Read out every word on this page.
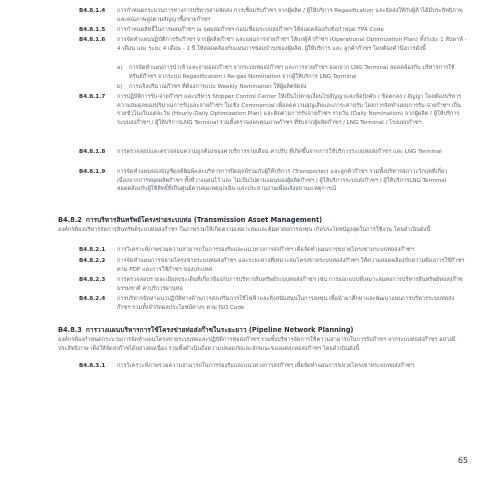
B4.8.1.4	การกำหนดกระบวนการทางการบริหารสายจัดส่ง การเชื่อมรับก๊าซฯ จากผู้ผลิต / ผู้ให้บริการ Regasification และจัดส่งให้กับผู้ค้าได้มีประสิทธิภาพและคุณภาพสูงตามสัญญาซื้อขายก๊าซฯ
B4.8.1.5	การกำหนดสิทธิ์ในการผสมก๊าซฯ ณ จุดผสมก๊าซฯ ก่อนเชื่อมระบบส่งก๊าซฯ ให้สอดคล้องกับข้อกำหนด TPA Code
B4.8.1.6	การจัดทำแผนปฏิบัติการรับก๊าซฯ จากผู้ผลิตก๊าซฯ และแผนการจ่ายก๊าซฯ ให้แก่ผู้ค้าก๊าซฯ (Operational Optimization Plan) ทั้งระยะ 1 สัปดาห์ - 4 เดือน และ ระยะ 4 เดือน - 1 ปี ให้สอดคล้องกับแผนการซ่อมบำรุงของผู้ผลิต, ผู้ให้บริการ และ ลูกค้าก๊าซฯ โดยต้องคำนึงการดังนี้
a)	การจัดทำแผนการนำเข้าและจ่ายออกก๊าซฯ จากระบบท่อส่งก๊าซฯ และการจ่ายก๊าซฯ ออกจาก LNG Terminal สอดคล้องกับ บริหารการใช้ทรัพย์ก๊าซฯ จากระบบ Regasification / Re-gas Nomination จากผู้ให้บริการ LNG Terminal
b)	การแจ้งปริมาณก๊าซฯ ที่ต้องการแบบ Weekly Nomination ให้ผู้ผลิตจัดส่ง
B4.8.1.7	การปฏิบัติการรับ-จ่ายก๊าซฯ และบริหาร Shipper Control Center ให้เป็นไปตามเงื่อนไขสัญญาและข้อบังคับ / ข้อตกลง / สัญญา โดยต้องบริหารความสมดุลของปริมาณการรับและจ่ายก๊าซฯ ในเชิง Commercial เพื่อลดความสูญเสียและภาระค่าปรับ โดยการจัดทำแผนการรับ-จ่ายก๊าซฯ เป็นรายชั่วโมงในแต่ละวัน (Hourly-Daily Optimization Plan) และติดตามการรับจ่ายก๊าซฯ รายวัน (Daily Nomination) จากผู้ผลิต / ผู้ให้บริการระบบส่งก๊าซฯ / ผู้ให้บริการLNG Terminal รวมทั้งตรวจสอบคุณภาพก๊าซฯ ที่รับจากผู้ผลิตก๊าซฯ / LNG Terminal / โรงแยกก๊าซฯ
B4.8.1.8	การตรวจสอบและตรวจสอบความถูกต้องของค่าบริการรายเดือน ค่าปรับ ที่เกิดขึ้นจากการใช้บริการระบบท่อส่งก๊าซฯ และ LNG Terminal
B4.8.1.9	การจัดทำแผนของบัญชีดุลย์พิมพ์และบริหารการปิดดุลย์ร่วมกับผู้ให้บริการ (Transporter) และลูกค้าก๊าซฯ รวมทั้งบริหารสภาวะวิกฤตที่เกี่ยวเนื่องจากการหยุดผลิตก๊าซฯ ทั้งที่วางแผนไว้ และ ไม่เป็นไปตามแผนของผู้ผลิตก๊าซฯ / ผู้ให้บริการระบบส่งก๊าซฯ / ผู้ให้บริการLNG Terminal สอดคล้องกับผู้ใช้สิทธิ์ที่เป็นศูนย์ควบคุมเหตุฉุกเฉิน และประสานงานเพื่อแจ้งสถานะเหตุการณ์
B4.8.2 การบริหารสินทรัพย์โครงข่ายระบบท่อ (Transmission Asset Management)
องค์กรต้องบริหารจัดการสินทรัพย์ระบบท่อส่งก๊าซฯ ในภาพรวมให้เกิดความเหมาะสมและคุ้มค่าต่อการลงทุน เกิดประโยชน์สูงสุดในการใช้งาน โดยดำเนินดังนี้
B4.8.2.1	การวิเคราะห์ภาพรวมความสามารถในการรองรับและแนวทางการส่งก๊าซฯ เพื่อจัดทำแผนการขยายโครงข่ายระบบท่อส่งก๊าซฯ
B4.8.2.2	การจัดทำแผนการขยายโครงข่ายระบบท่อส่งก๊าซฯ และระยะทางที่เหมาะสมโครงข่ายระบบท่อส่งก๊าซฯ ให้ความสอดคล้องกับความต้องการใช้ก๊าซฯ ตาม PDP และการใช้ก๊าซฯ ของประเทศ
B4.8.2.3	การตรวจสอบรายละเอียดประเด็นที่เกี่ยวข้องกับการบริหารสินทรัพย์ระบบท่อส่งก๊าซฯ เช่น การออกแบบที่เหมาะสมต่อการบริหารสินทรัพย์ท่อส่งก๊าซธรรมชาติ ค่าบริการผ่านท่อ
B4.8.2.4	การบริหารจัดหาแนวปฏิบัติทางด้านการส่งเสริมการใช้ไฟฟ้าและสิ่งสนับสนุนในการลงทุน เพื่อนำมาศึกษาและพัฒนาแผนการบริหารระบบท่อส่งก๊าซฯ รวมทั้งจำกัดผลประโยชน์ต่างๆ ตาม ISO Code
B4.8.3 การวางแผนบริหารการใช้โครงข่ายท่อส่งก๊าซในระยะยาว (Pipeline Network Planning)
องค์กรต้องกำหนดกระบวนการจัดทำแผนโครงข่ายระบบท่อและปฏิบัติการท่อส่งก๊าซฯ รวมทั้งบริหารจัดการใช้ความสามารถในการรับก๊าซฯ จากระบบท่อส่งก๊าซฯ อย่างมีประสิทธิภาพ เพื่อให้จัดส่งก๊าซได้อย่างต่อเนื่อง รวมทั้งดำเนินถึงความปลอดภัยและลักษณะของแต่ละท่อส่งก๊าซฯ โดยดำเนินดังนี้
B4.8.3.1	การวิเคราะห์ภาพรวมความสามารถในการรองรับและแนวทางการส่งก๊าซฯ เพื่อจัดทำแผนการขยายโครงข่ายระบบท่อส่งก๊าซฯ
65
